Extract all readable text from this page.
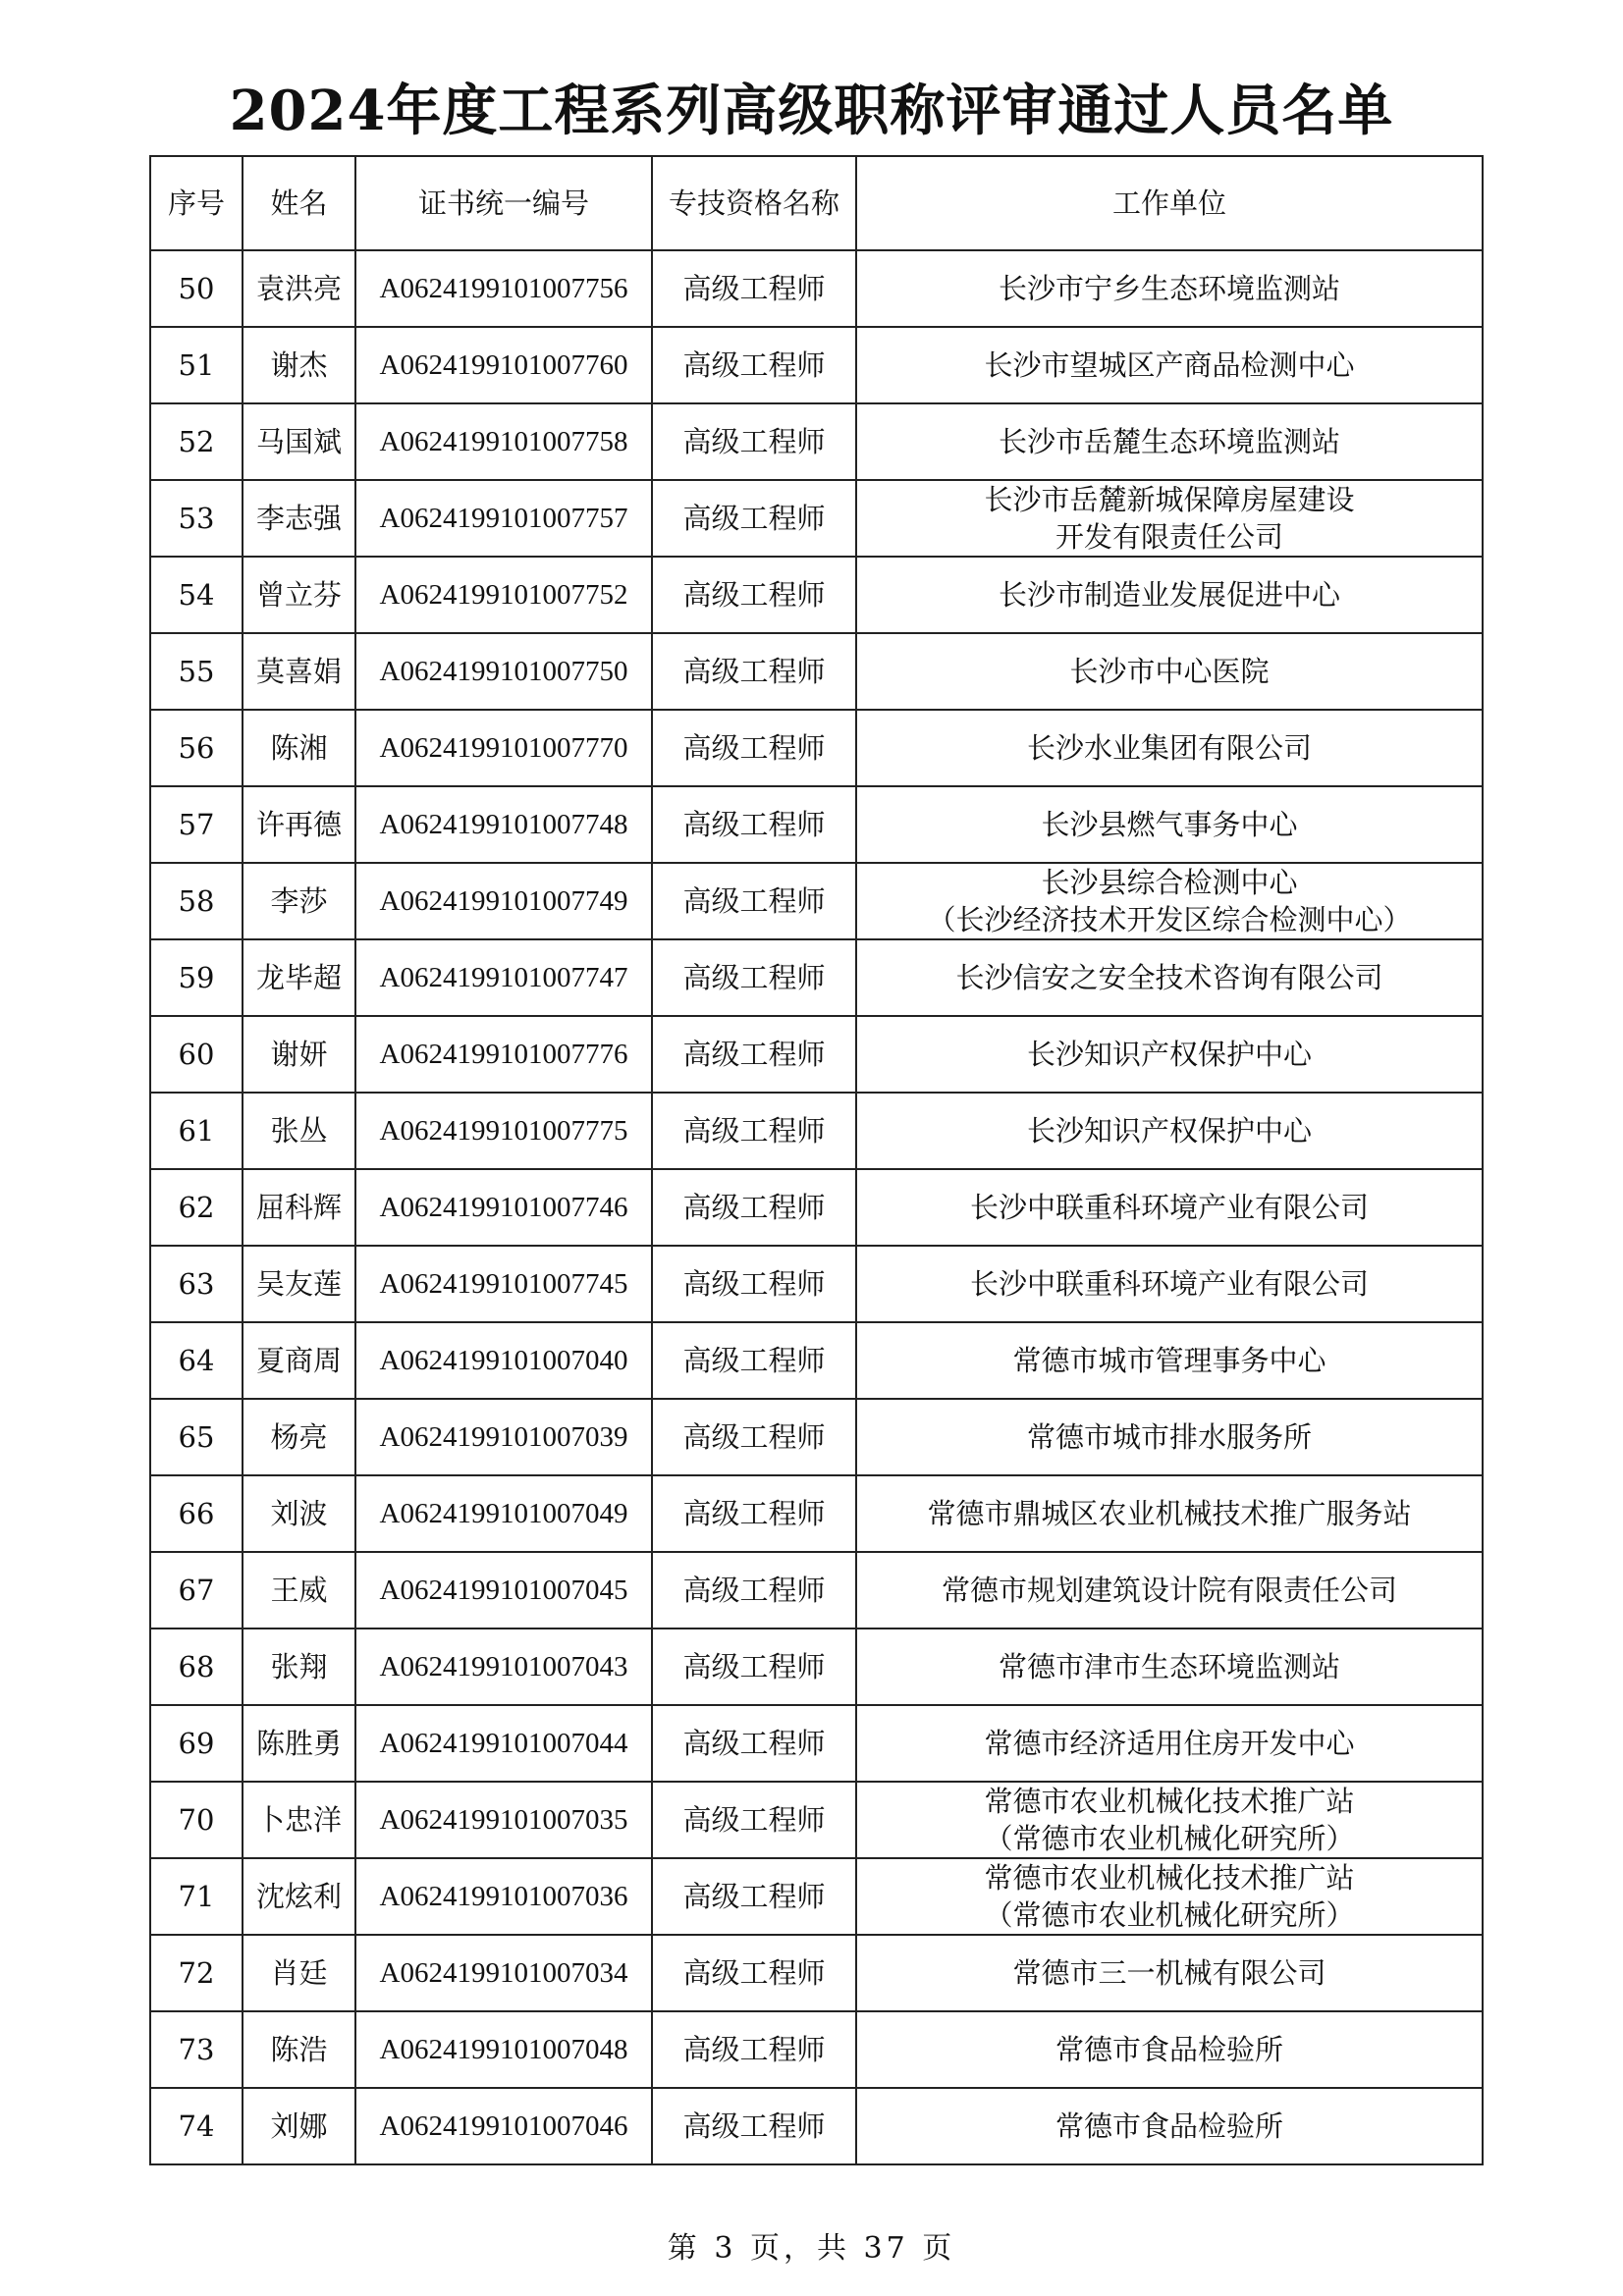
2024年度工程系列高级职称评审通过人员名单
序号	姓名	证书统一编号	专技资格名称	工作单位
50	袁洪亮	A0624199101007756	高级工程师	长沙市宁乡生态环境监测站

51	谢杰	A0624199101007760	高级工程师	长沙市望城区产商品检测中心

52	马国斌	A0624199101007758	高级工程师	长沙市岳麓生态环境监测站

53	李志强	A0624199101007757	高级工程师	长沙市岳麓新城保障房屋建设
开发有限责任公司

54	曾立芬	A0624199101007752	高级工程师	长沙市制造业发展促进中心

55	莫喜娟	A0624199101007750	高级工程师	长沙市中心医院

56	陈湘	A0624199101007770	高级工程师	长沙水业集团有限公司

57	许再德	A0624199101007748	高级工程师	长沙县燃气事务中心

58	李莎	A0624199101007749	高级工程师	长沙县综合检测中心
（长沙经济技术开发区综合检测中心）

59	龙毕超	A0624199101007747	高级工程师	长沙信安之安全技术咨询有限公司

60	谢妍	A0624199101007776	高级工程师	长沙知识产权保护中心

61	张丛	A0624199101007775	高级工程师	长沙知识产权保护中心

62	屈科辉	A0624199101007746	高级工程师	长沙中联重科环境产业有限公司

63	吴友莲	A0624199101007745	高级工程师	长沙中联重科环境产业有限公司

64	夏商周	A0624199101007040	高级工程师	常德市城市管理事务中心

65	杨亮	A0624199101007039	高级工程师	常德市城市排水服务所

66	刘波	A0624199101007049	高级工程师	常德市鼎城区农业机械技术推广服务站

67	王威	A0624199101007045	高级工程师	常德市规划建筑设计院有限责任公司

68	张翔	A0624199101007043	高级工程师	常德市津市生态环境监测站

69	陈胜勇	A0624199101007044	高级工程师	常德市经济适用住房开发中心

70	卜忠洋	A0624199101007035	高级工程师	常德市农业机械化技术推广站
（常德市农业机械化研究所）

71	沈炫利	A0624199101007036	高级工程师	常德市农业机械化技术推广站
（常德市农业机械化研究所）

72	肖廷	A0624199101007034	高级工程师	常德市三一机械有限公司

73	陈浩	A0624199101007048	高级工程师	常德市食品检验所

74	刘娜	A0624199101007046	高级工程师	常德市食品检验所
第 3 页，共 37 页
